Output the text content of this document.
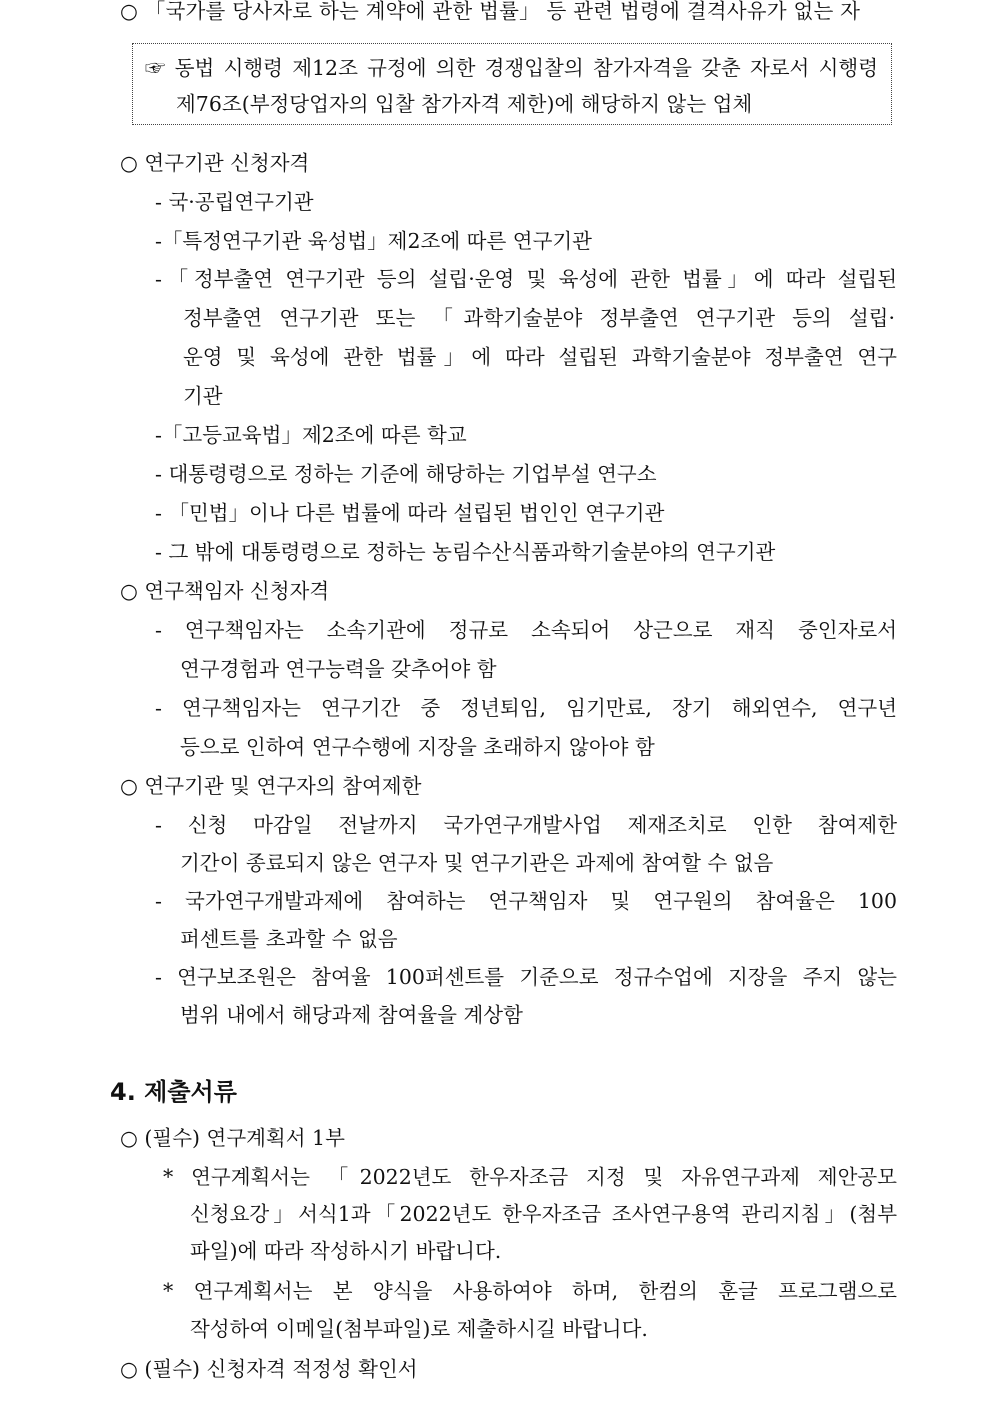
○ 「국가를 당사자로 하는 계약에 관한 법률」 등 관련 법령에 결격사유가 없는 자
☞ 동법 시행령 제12조 규정에 의한 경쟁입찰의 참가자격을 갖춘 자로서 시행령
제76조(부정당업자의 입찰 참가자격 제한)에 해당하지 않는 업체
○ 연구기관 신청자격
- 국·공립연구기관
-「특정연구기관 육성법」제2조에 따른 연구기관
-「정부출연 연구기관 등의 설립·운영 및 육성에 관한 법률」에 따라 설립된
정부출연 연구기관 또는 「과학기술분야 정부출연 연구기관 등의 설립·
운영 및 육성에 관한 법률」에 따라 설립된 과학기술분야 정부출연 연구
기관
-「고등교육법」제2조에 따른 학교
- 대통령령으로 정하는 기준에 해당하는 기업부설 연구소
- 「민법」이나 다른 법률에 따라 설립된 법인인 연구기관
- 그 밖에 대통령령으로 정하는 농림수산식품과학기술분야의 연구기관
○ 연구책임자 신청자격
- 연구책임자는 소속기관에 정규로 소속되어 상근으로 재직 중인자로서
연구경험과 연구능력을 갖추어야 함
- 연구책임자는 연구기간 중 정년퇴임, 임기만료, 장기 해외연수, 연구년
등으로 인하여 연구수행에 지장을 초래하지 않아야 함
○ 연구기관 및 연구자의 참여제한
- 신청 마감일 전날까지 국가연구개발사업 제재조치로 인한 참여제한
기간이 종료되지 않은 연구자 및 연구기관은 과제에 참여할 수 없음
- 국가연구개발과제에 참여하는 연구책임자 및 연구원의 참여율은 100
퍼센트를 초과할 수 없음
- 연구보조원은 참여율 100퍼센트를 기준으로 정규수업에 지장을 주지 않는
범위 내에서 해당과제 참여율을 계상함
4. 제출서류
○ (필수) 연구계획서 1부
* 연구계획서는 「2022년도 한우자조금 지정 및 자유연구과제 제안공모
신청요강」서식1과「2022년도 한우자조금 조사연구용역 관리지침」(첨부
파일)에 따라 작성하시기 바랍니다.
* 연구계획서는 본 양식을 사용하여야 하며, 한컴의 훈글 프로그램으로
작성하여 이메일(첨부파일)로 제출하시길 바랍니다.
○ (필수) 신청자격 적정성 확인서
